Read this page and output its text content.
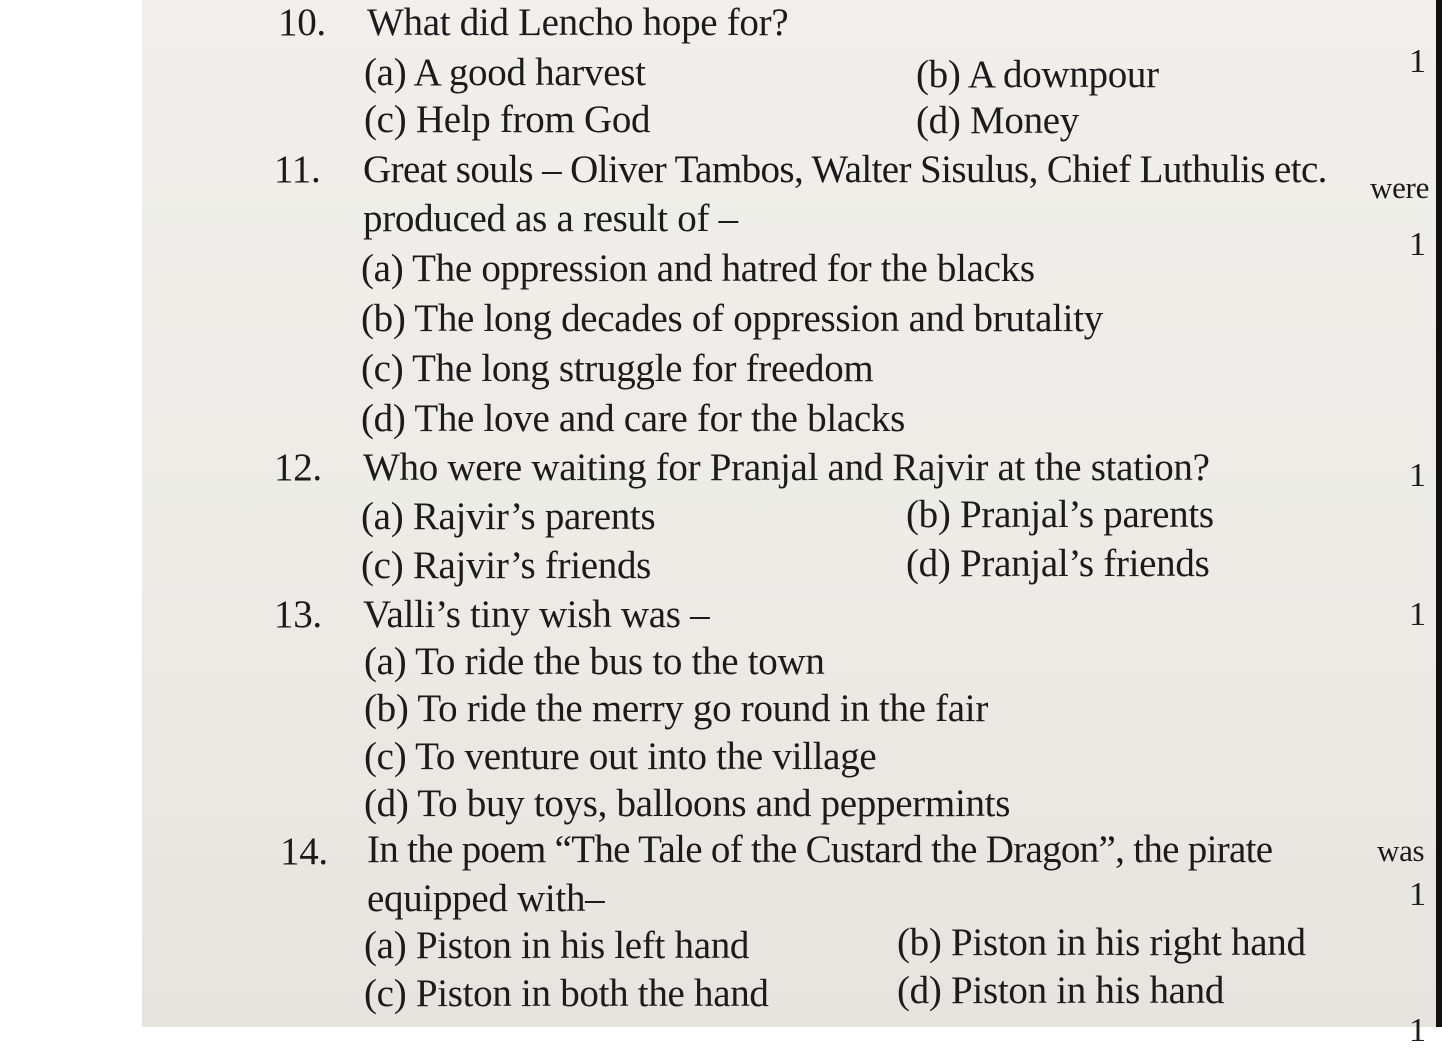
10. What did Lencho hope for?
(a) A good harvest	(b) A downpour
(c) Help from God	(d) Money
1
11. Great souls – Oliver Tambos, Walter Sisulus, Chief Luthulis etc. were
produced as a result of –
1
(a) The oppression and hatred for the blacks
(b) The long decades of oppression and brutality
(c) The long struggle for freedom
(d) The love and care for the blacks
12. Who were waiting for Pranjal and Rajvir at the station?	1
(a) Rajvir’s parents	(b) Pranjal’s parents
(c) Rajvir’s friends	(d) Pranjal’s friends
13. Valli’s tiny wish was –	1
(a) To ride the bus to the town
(b) To ride the merry go round in the fair
(c) To venture out into the village
(d) To buy toys, balloons and peppermints
14. In the poem “The Tale of the Custard the Dragon”, the pirate	was
equipped with–	1
(a) Piston in his left hand	(b) Piston in his right hand
(c) Piston in both the hand	(d) Piston in his hand
1
